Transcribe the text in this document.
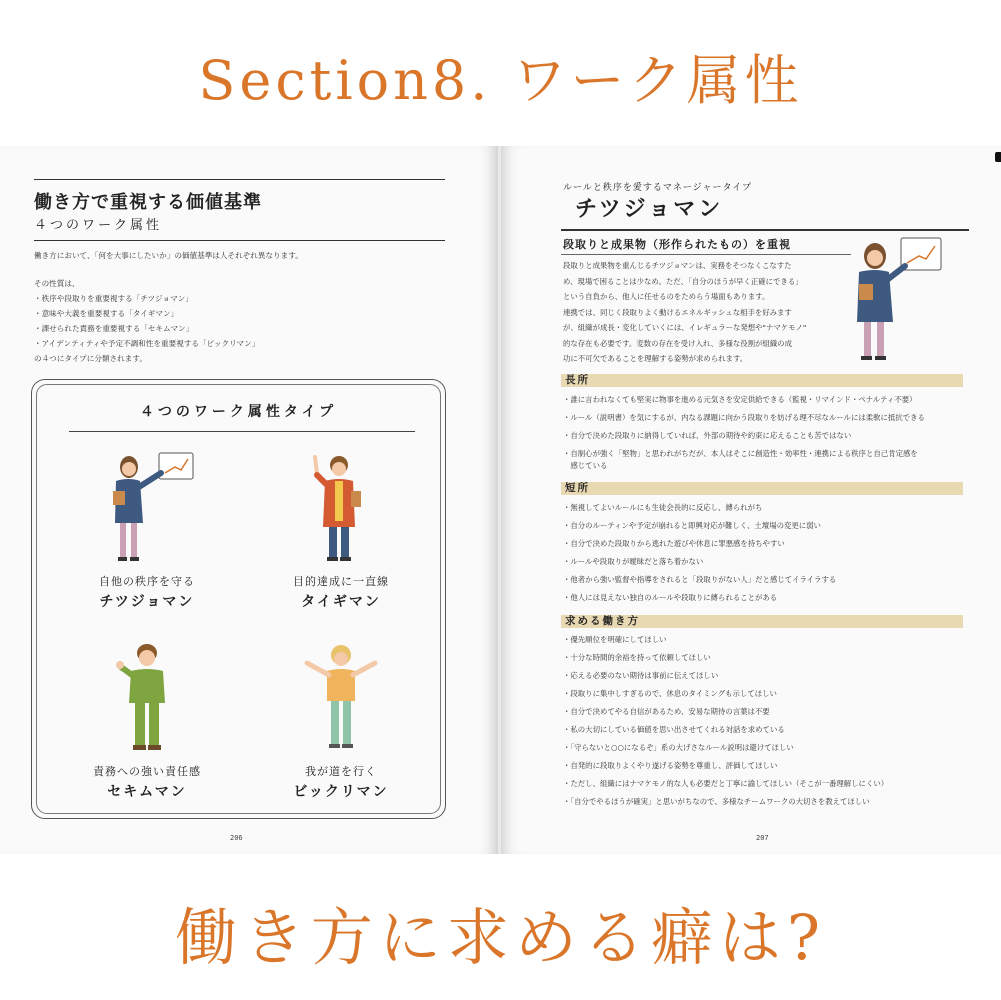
Section8. ワーク属性
働き方で重視する価値基準
４つのワーク属性
働き方において、「何を大事にしたいか」の価値基準は人それぞれ異なります。
その性質は、
・秩序や段取りを重要視する「チツジョマン」
・意味や大義を重要視する「タイギマン」
・課せられた責務を重要視する「セキムマン」
・アイデンティティや予定不調和性を重要視する「ビックリマン」
の４つにタイプに分類されます。
４つのワーク属性タイプ
自他の秩序を守る
チツジョマン
目的達成に一直線
タイギマン
責務への強い責任感
セキムマン
我が道を行く
ビックリマン
206
ルールと秩序を愛するマネージャータイプ
チツジョマン
段取りと成果物（形作られたもの）を重視
段取りと成果物を重んじるチツジョマンは、実務をそつなくこなすた
め、現場で困ることは少なめ。ただ、「自分のほうが早く正確にできる」
という自負から、他人に任せるのをためらう場面もあります。
連携では、同じく段取りよく動けるエネルギッシュな相手を好みます
が、組織が成長・変化していくには、イレギュラーな発想や"ナマケモノ"
的な存在も必要です。変数の存在を受け入れ、多様な役割が組織の成
功に不可欠であることを理解する姿勢が求められます。
長所
・誰に言われなくても堅実に物事を進める元気さを安定供給できる（監視・リマインド・ペナルティ不要）
・ルール（説明書）を気にするが、内なる課題に向かう段取りを妨げる理不尽なルールには柔軟に抵抗できる
・自分で決めた段取りに納得していれば、外部の期待や約束に応えることも苦ではない
・自制心が強く「堅物」と思われがちだが、本人はそこに創造性・効率性・連携による秩序と自己肯定感を
　感じている
短所
・無視してよいルールにも生徒会長的に反応し、縛られがち
・自分のルーティンや予定が崩れると即興対応が難しく、土壇場の変更に弱い
・自分で決めた段取りから逃れた遊びや休息に罪悪感を持ちやすい
・ルールや段取りが曖昧だと落ち着かない
・他者から強い監督や指導をされると「段取りがない人」だと感じてイライラする
・他人には見えない独自のルールや段取りに縛られることがある
求める働き方
・優先順位を明確にしてほしい
・十分な時間的余裕を持って依頼してほしい
・応える必要のない期待は事前に伝えてほしい
・段取りに集中しすぎるので、休息のタイミングも示してほしい
・自分で決めてやる自信があるため、安易な期待の言葉は不要
・私の大切にしている価値を思い出させてくれる対話を求めている
・「守らないと○○になるぞ」系の大げさなルール説明は避けてほしい
・自発的に段取りよくやり遂げる姿勢を尊重し、評価してほしい
・ただし、組織にはナマケモノ的な人も必要だと丁寧に諭してほしい（そこが一番理解しにくい）
・「自分でやるほうが確実」と思いがちなので、多様なチームワークの大切さを教えてほしい
207
働き方に求める癖は?
